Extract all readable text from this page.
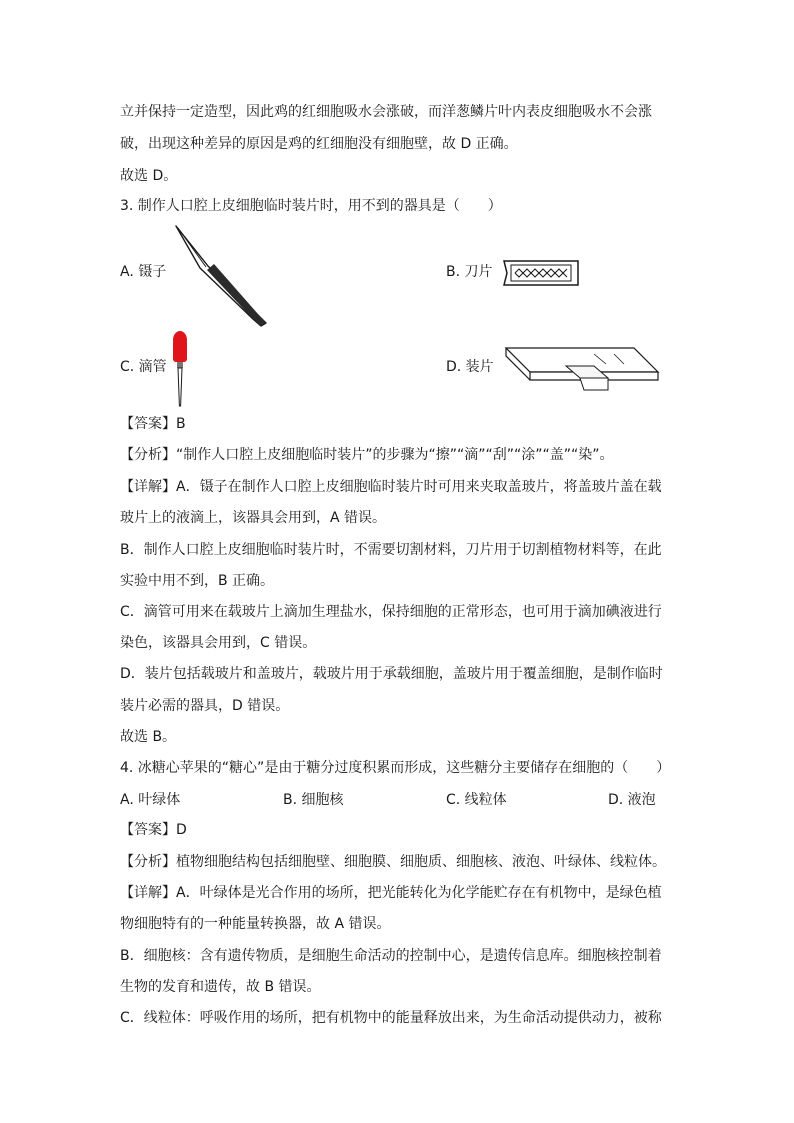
立并保持一定造型，因此鸡的红细胞吸水会涨破，而洋葱鳞片叶内表皮细胞吸水不会涨
破，出现这种差异的原因是鸡的红细胞没有细胞壁，故 D 正确。
故选 D。
3. 制作人口腔上皮细胞临时装片时，用不到的器具是（　　）
A. 镊子	B. 刀片
C. 滴管	D. 装片
【答案】B
【分析】“制作人口腔上皮细胞临时装片”的步骤为“擦”“滴”“刮”“涂”“盖”“染”。
【详解】A．镊子在制作人口腔上皮细胞临时装片时可用来夹取盖玻片，将盖玻片盖在载
玻片上的液滴上，该器具会用到，A 错误。
B．制作人口腔上皮细胞临时装片时，不需要切割材料，刀片用于切割植物材料等，在此
实验中用不到，B 正确。
C．滴管可用来在载玻片上滴加生理盐水，保持细胞的正常形态，也可用于滴加碘液进行
染色，该器具会用到，C 错误。
D．装片包括载玻片和盖玻片，载玻片用于承载细胞，盖玻片用于覆盖细胞，是制作临时
装片必需的器具，D 错误。
故选 B。
4. 冰糖心苹果的“糖心”是由于糖分过度积累而形成，这些糖分主要储存在细胞的（　　）
A. 叶绿体	B. 细胞核	C. 线粒体	D. 液泡
【答案】D
【分析】植物细胞结构包括细胞壁、细胞膜、细胞质、细胞核、液泡、叶绿体、线粒体。
【详解】A．叶绿体是光合作用的场所，把光能转化为化学能贮存在有机物中，是绿色植
物细胞特有的一种能量转换器，故 A 错误。
B．细胞核：含有遗传物质，是细胞生命活动的控制中心，是遗传信息库。细胞核控制着
生物的发育和遗传，故 B 错误。
C．线粒体：呼吸作用的场所，把有机物中的能量释放出来，为生命活动提供动力，被称
